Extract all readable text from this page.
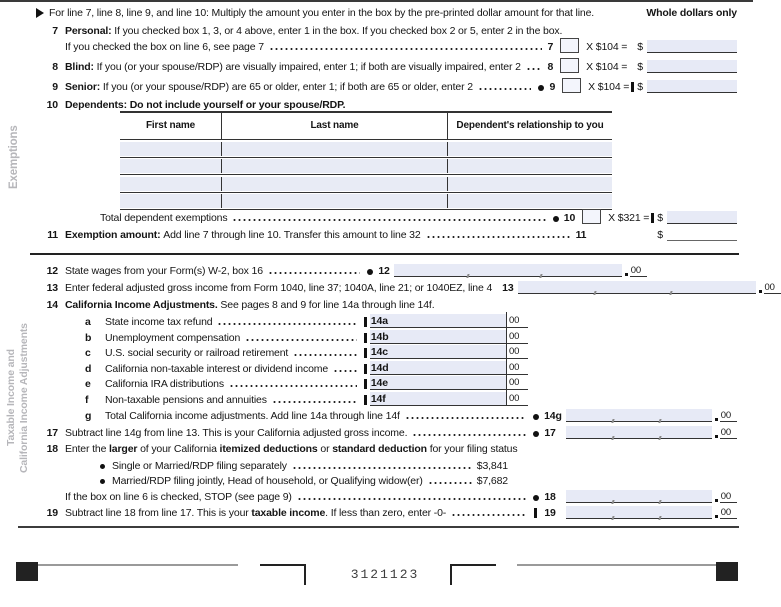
Exemptions
Taxable Income and California Income Adjustments
For line 7, line 8, line 9, and line 10: Multiply the amount you enter in the box by the pre-printed dollar amount for that line.	Whole dollars only
7 Personal: If you checked box 1, 3, or 4 above, enter 1 in the box. If you checked box 2 or 5, enter 2 in the box.
If you checked the box on line 6, see page 7	7	X $104 = $
8 Blind: If you (or your spouse/RDP) are visually impaired, enter 1; if both are visually impaired, enter 2	8	X $104 = $
9 Senior: If you (or your spouse/RDP) are 65 or older, enter 1; if both are 65 or older, enter 2	9	X $104 = $
10 Dependents: Do not include yourself or your spouse/RDP.
First name	Last name	Dependent's relationship to you
Total dependent exemptions	10	X $321 = $
11 Exemption amount: Add line 7 through line 10. Transfer this amount to line 32	11	$
12 State wages from your Form(s) W-2, box 16	12	00
13 Enter federal adjusted gross income from Form 1040, line 37; 1040A, line 21; or 1040EZ, line 4 13	00
14 California Income Adjustments. See pages 8 and 9 for line 14a through line 14f.
a	State income tax refund	14a	00
b	Unemployment compensation	14b	00
c	U.S. social security or railroad retirement	14c	00
d	California non-taxable interest or dividend income	14d	00
e	California IRA distributions	14e	00
f	Non-taxable pensions and annuities	14f	00
g	Total California income adjustments. Add line 14a through line 14f	14g	00
17 Subtract line 14g from line 13. This is your California adjusted gross income.	17	00
18 Enter the larger of your California itemized deductions or standard deduction for your filing status
Single or Married/RDP filing separately	$3,841
Married/RDP filing jointly, Head of household, or Qualifying widow(er)	$7,682
If the box on line 6 is checked, STOP (see page 9)	18	00
19 Subtract line 18 from line 17. This is your taxable income. If less than zero, enter -0-	19	00
3121123
